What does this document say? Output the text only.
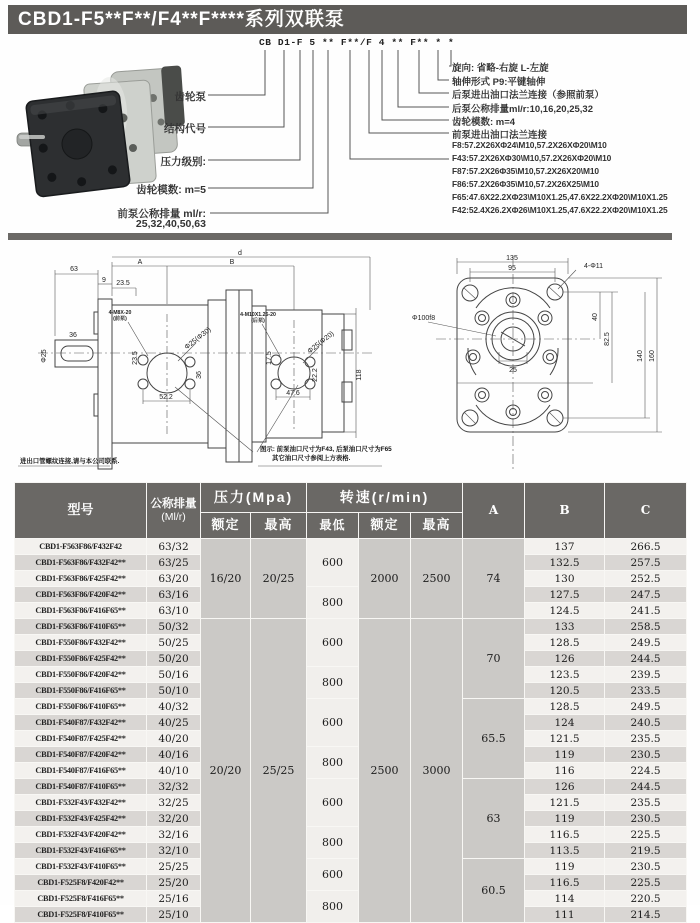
CBD1-F5**F**/F4**F****系列双联泵
CB D1-F 5 ** F**/F 4 ** F** * *
齿轮泵
结构代号
压力级别:
齿轮模数: m=5
前泵公称排量 ml/r:
25,32,40,50,63
旋向: 省略-右旋 L-左旋
轴伸形式 P9:平键轴伸
后泵进出油口法兰连接（参照前泵）
后泵公称排量ml/r:10,16,20,25,32
齿轮模数: m=4
前泵进出油口法兰连接
F8:57.2X26XΦ24\M10,57.2X26XΦ20\M10
F43:57.2X26XΦ30\M10,57.2X26XΦ20\M10
F87:57.2X26Φ35\M10,57.2X26X20\M10
F86:57.2X26Φ35\M10,57.2X26X25\M10
F65:47.6X22.2XΦ23\M10X1.25,47.6X22.2XΦ20\M10X1.25
F42:52.4X26.2XΦ26\M10X1.25,47.6X22.2XΦ20\M10X1.25
63
9 23.5
A	B
d
36
Φ25	23.5
52.2
Φ25(Φ30)
17.5
47.6
22.2
Φ25(Φ20)
36	118
4-M8X-20
(前泵)
4-M10X1.25-20
(后泵)
进出口管螺纹连接,请与本公司联系.
图示: 前泵油口尺寸为F43, 后泵油口尺寸为F65
其它油口尺寸参阅上方表格.
135
95	4-Φ11
Φ100f8	40
82.5
140 160
25
型号	公称排量
(Ml/r)	压力(Mpa)		转速(r/min)			A	B	C
		额定	最高	最低	额定	最高			
CBD1-F563F86/F432F42	63/32	16/20	20/25	600	2000	2500	74	137	266.5
CBD1-F563F86/F432F42**	63/25							132.5	257.5
CBD1-F563F86/F425F42**	63/20							130	252.5
CBD1-F563F86/F420F42**	63/16			800				127.5	247.5
CBD1-F563F86/F416F65**	63/10							124.5	241.5
CBD1-F563F86/F410F65**	50/32	20/20	25/25	600	2500	3000	70	133	258.5
CBD1-F550F86/F432F42**	50/25							128.5	249.5
CBD1-F550F86/F425F42**	50/20							126	244.5
CBD1-F550F86/F420F42**	50/16			800				123.5	239.5
CBD1-F550F86/F416F65**	50/10							120.5	233.5
CBD1-F550F86/F410F65**	40/32			600			65.5	128.5	249.5
CBD1-F540F87/F432F42**	40/25							124	240.5
CBD1-F540F87/F425F42**	40/20							121.5	235.5
CBD1-F540F87/F420F42**	40/16			800				119	230.5
CBD1-F540F87/F416F65**	40/10							116	224.5
CBD1-F540F87/F410F65**	32/32			600			63	126	244.5
CBD1-F532F43/F432F42**	32/25							121.5	235.5
CBD1-F532F43/F425F42**	32/20							119	230.5
CBD1-F532F43/F420F42**	32/16			800				116.5	225.5
CBD1-F532F43/F416F65**	32/10							113.5	219.5
CBD1-F532F43/F410F65**	25/25			600			60.5	119	230.5
CBD1-F525F8/F420F42**	25/20							116.5	225.5
CBD1-F525F8/F416F65**	25/16			800				114	220.5
CBD1-F525F8/F410F65**	25/10							111	214.5
